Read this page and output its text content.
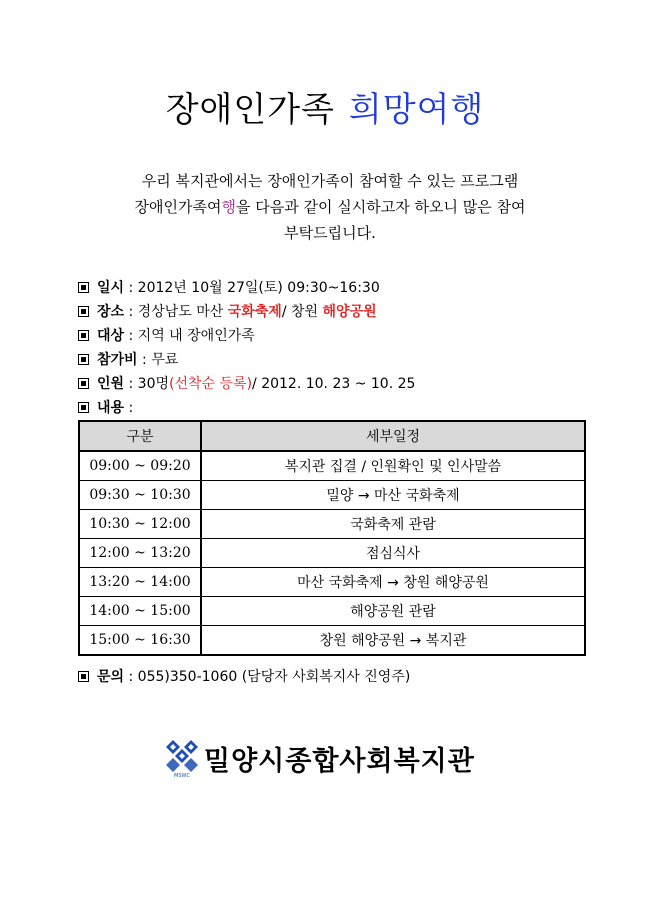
장애인가족 희망여행
우리 복지관에서는 장애인가족이 참여할 수 있는 프로그램
장애인가족여행을 다음과 같이 실시하고자 하오니 많은 참여
부탁드립니다.
일시 : 2012년 10월 27일(토) 09:30~16:30
장소 : 경상남도 마산 국화축제/ 창원 해양공원
대상 : 지역 내 장애인가족
참가비 : 무료
인원 : 30명(선착순 등록)/ 2012. 10. 23 ~ 10. 25
내용 :
구분	세부일정
09:00 ~ 09:20	복지관 집결 / 인원확인 및 인사말씀
09:30 ~ 10:30	밀양 → 마산 국화축제
10:30 ~ 12:00	국화축제 관람
12:00 ~ 13:20	점심식사
13:20 ~ 14:00	마산 국화축제 → 창원 해양공원
14:00 ~ 15:00	해양공원 관람
15:00 ~ 16:30	창원 해양공원 → 복지관
문의 : 055)350-1060 (담당자 사회복지사 진영주)
MSWC 밀양시종합사회복지관
